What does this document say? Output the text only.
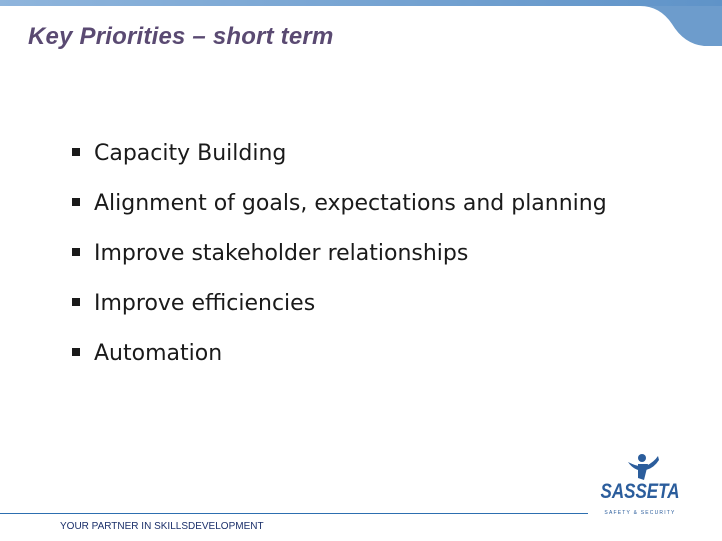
Key Priorities – short term
Capacity Building
Alignment of goals, expectations and planning
Improve stakeholder relationships
Improve efficiencies
Automation
YOUR PARTNER IN SKILLSDEVELOPMENT
SASSETA
SAFETY & SECURITY
